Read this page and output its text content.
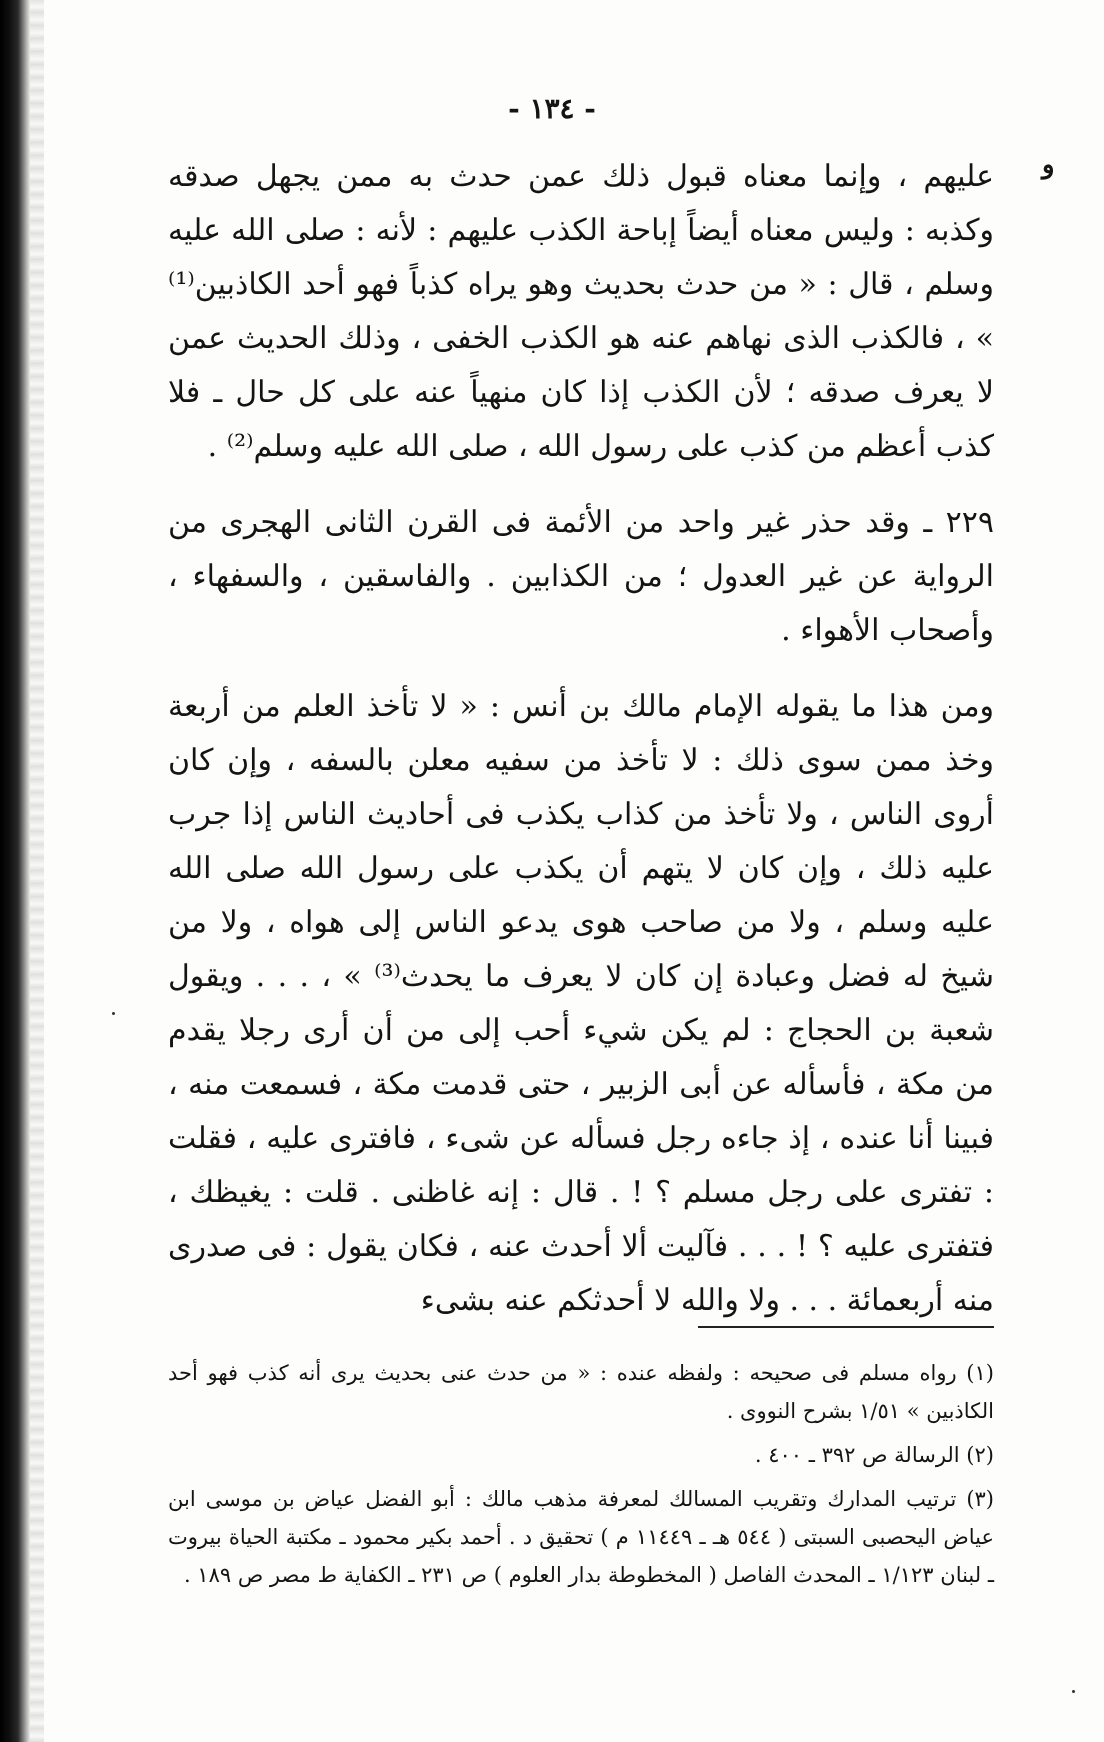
- ١٣٤ -
و

عليهم ، وإنما معناه قبول ذلك عمن حدث به ممن يجهل صدقه وكذبه : وليس معناه أيضاً إباحة الكذب عليهم : لأنه : صلى الله عليه وسلم ، قال : « من حدث بحديث وهو يراه كذباً فهو أحد الكاذبين⁽¹⁾ » ، فالكذب الذى نهاهم عنه هو الكذب الخفى ، وذلك الحديث عمن لا يعرف صدقه ؛ لأن الكذب إذا كان منهياً عنه على كل حال ـ فلا كذب أعظم من كذب على رسول الله ، صلى الله عليه وسلم⁽²⁾ .

٢٢٩ ـ وقد حذر غير واحد من الأئمة فى القرن الثانى الهجرى من الرواية عن غير العدول ؛ من الكذابين . والفاسقين ، والسفهاء ، وأصحاب الأهواء .

ومن هذا ما يقوله الإمام مالك بن أنس : « لا تأخذ العلم من أربعة وخذ ممن سوى ذلك : لا تأخذ من سفيه معلن بالسفه ، وإن كان أروى الناس ، ولا تأخذ من كذاب يكذب فى أحاديث الناس إذا جرب عليه ذلك ، وإن كان لا يتهم أن يكذب على رسول الله صلى الله عليه وسلم ، ولا من صاحب هوى يدعو الناس إلى هواه ، ولا من شيخ له فضل وعبادة إن كان لا يعرف ما يحدث⁽³⁾ » ، . . . ويقول شعبة بن الحجاج : لم يكن شيء أحب إلى من أن أرى رجلا يقدم من مكة ، فأسأله عن أبى الزبير ، حتى قدمت مكة ، فسمعت منه ، فبينا أنا عنده ، إذ جاءه رجل فسأله عن شىء ، فافترى عليه ، فقلت : تفترى على رجل مسلم ؟ ! . قال : إنه غاظنى . قلت : يغيظك ، فتفترى عليه ؟ ! . . . فآليت ألا أحدث عنه ، فكان يقول : فى صدرى منه أربعمائة . . . ولا والله لا أحدثكم عنه بشىء

(١) رواه مسلم فى صحيحه : ولفظه عنده : « من حدث عنى بحديث يرى أنه كذب فهو أحد الكاذبين » ١/٥١ بشرح النووى .

(٢) الرسالة ص ٣٩٢ ـ ٤٠٠ .

(٣) ترتيب المدارك وتقريب المسالك لمعرفة مذهب مالك : أبو الفضل عياض بن موسى ابن عياض اليحصبى السبتى ( ٥٤٤ هـ ـ ١١٤٤٩ م ) تحقيق د . أحمد بكير محمود ـ مكتبة الحياة بيروت ـ لبنان ١/١٢٣ ـ المحدث الفاصل ( المخطوطة بدار العلوم ) ص ٢٣١ ـ الكفاية ط مصر ص ١٨٩ .
